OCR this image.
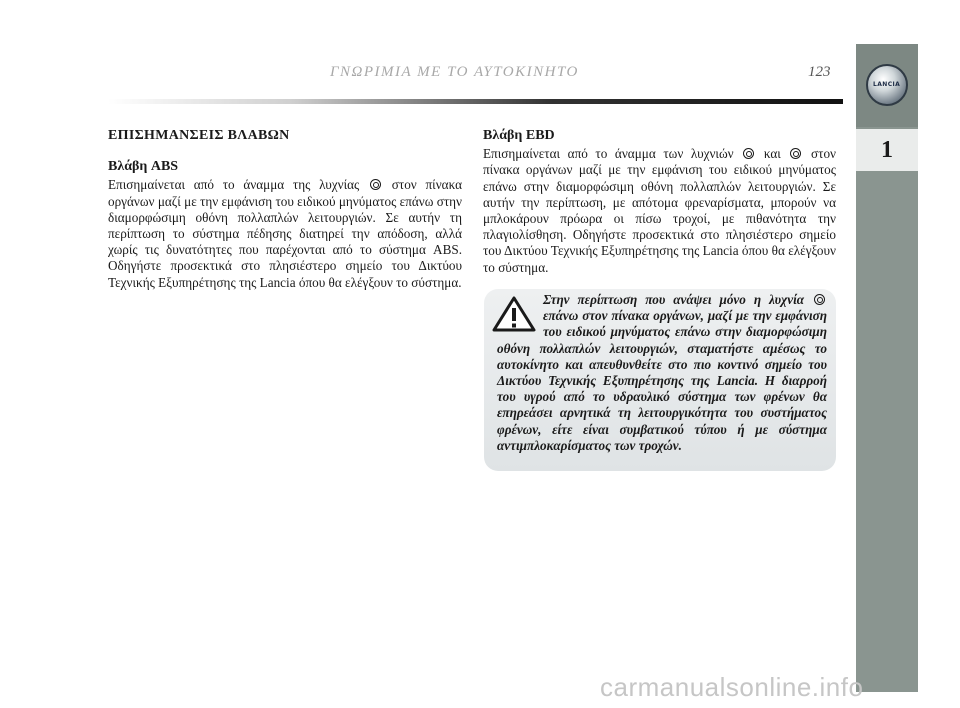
ΓΝΩΡΙΜΙΑ ΜΕ ΤΟ ΑΥΤΟΚΙΝΗΤΟ	123
LANCIA
1
ΕΠΙΣΗΜΑΝΣΕΙΣ ΒΛΑΒΩΝ
Βλάβη ABS

Επισημαίνεται από το άναμμα της λυχνίας στον πίνακα οργάνων μαζί με την εμφάνιση του ειδικού μηνύματος επάνω στην διαμορφώσιμη οθόνη πολλαπλών λειτουργιών. Σε αυτήν τη περίπτωση το σύστημα πέδησης διατηρεί την απόδοση, αλλά χωρίς τις δυνατότητες που παρέχονται από το σύστημα ABS. Οδηγήστε προσεκτικά στο πλησιέστερο σημείο του Δικτύου Τεχνικής Εξυπηρέτησης της Lancia όπου θα ελέγξουν το σύστημα.

Βλάβη EBD

Επισημαίνεται από το άναμμα των λυχνιών και στον πίνακα οργάνων μαζί με την εμφάνιση του ειδικού μηνύματος επάνω στην διαμορφώσιμη οθόνη πολλαπλών λειτουργιών. Σε αυτήν την περίπτωση, με απότομα φρεναρίσματα, μπορούν να μπλοκάρουν πρόωρα οι πίσω τροχοί, με πιθανότητα την πλαγιολίσθηση. Οδηγήστε προσεκτικά στο πλησιέστερο σημείο του Δικτύου Τεχνικής Εξυπηρέτησης της Lancia όπου θα ελέγξουν το σύστημα.

Στην περίπτωση που ανάψει μόνο η λυχνία  επάνω στον πίνακα οργάνων, μαζί με την εμφάνιση του ειδικού μηνύματος επάνω στην διαμορφώσιμη οθόνη πολλαπλών λειτουργιών, σταματήστε αμέσως το αυτοκίνητο και απευθυνθείτε στο πιο κοντινό σημείο του Δικτύου Τεχνικής Εξυπηρέτησης της Lancia. Η διαρροή του υγρού από το υδραυλικό σύστημα των φρένων θα επηρεάσει αρνητικά τη λειτουργικότητα του συστήματος φρένων, είτε είναι συμβατικού τύπου ή με σύστημα αντιμπλοκαρίσματος των τροχών.
carmanualsonline.info
